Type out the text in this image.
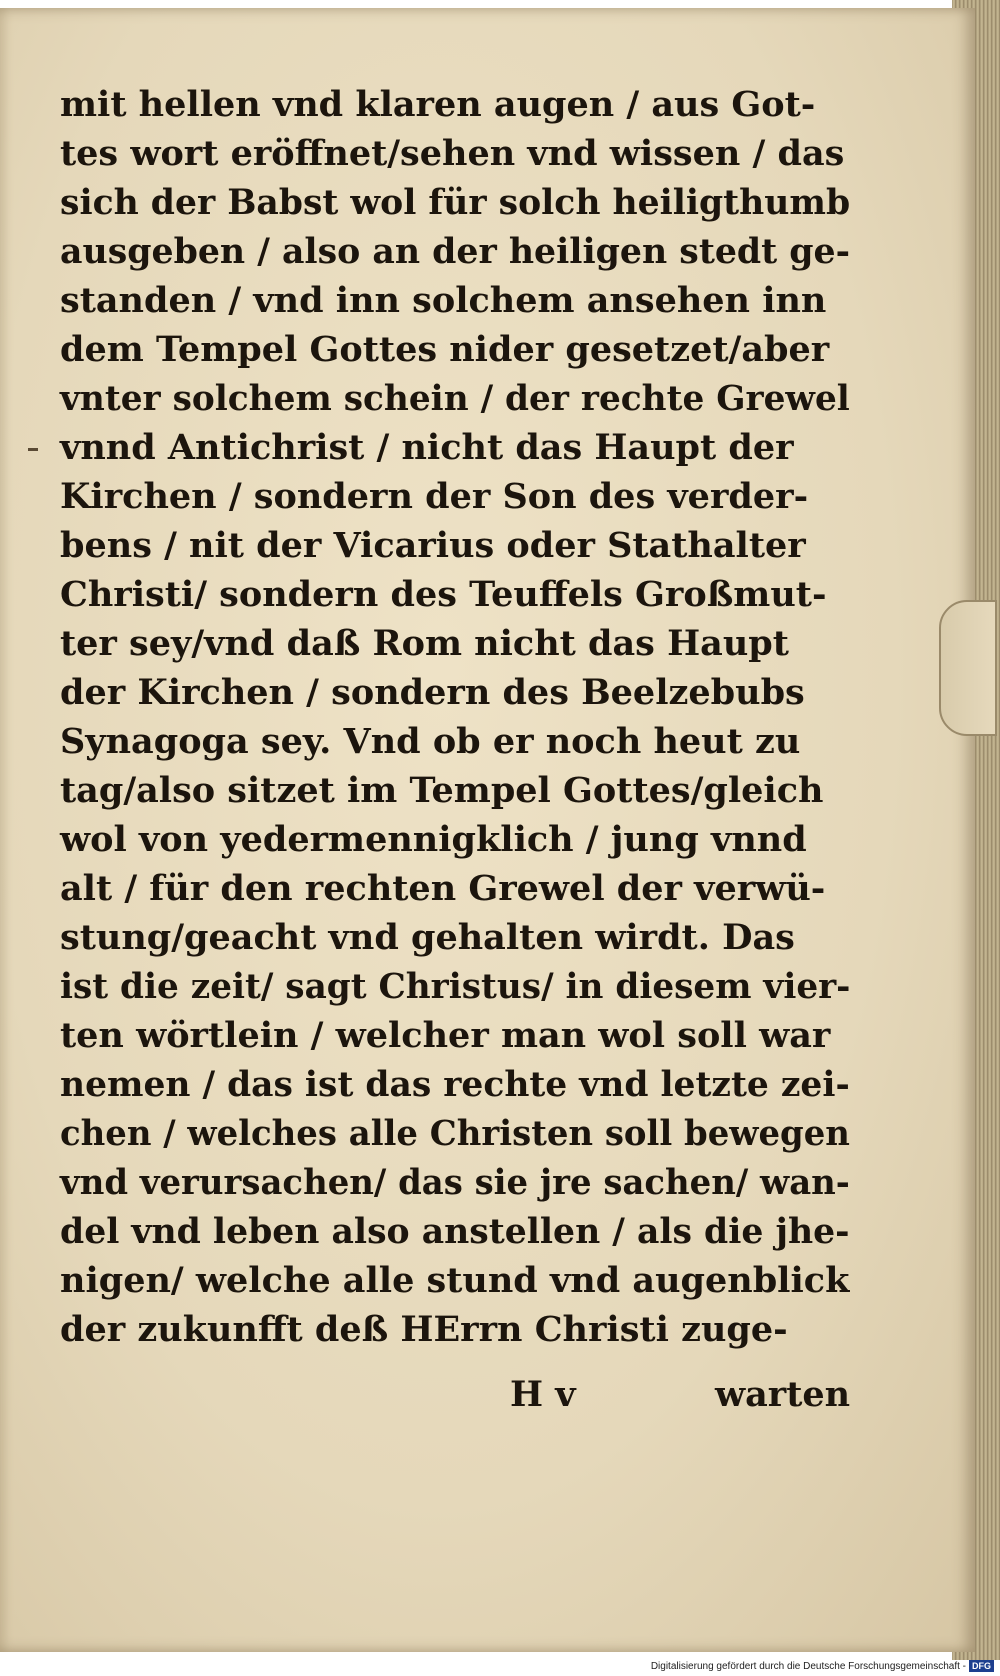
mit hellen vnd klaren augen / aus Got-
tes wort eröffnet/sehen vnd wissen / das
sich der Babst wol für solch heiligthumb
ausgeben / also an der heiligen stedt ge-
standen / vnd inn solchem ansehen inn
dem Tempel Gottes nider gesetzet/aber
vnter solchem schein / der rechte Grewel
vnnd Antichrist / nicht das Haupt der
Kirchen / sondern der Son des verder-
bens / nit der Vicarius oder Stathalter
Christi/ sondern des Teuffels Großmut-
ter sey/vnd daß Rom nicht das Haupt
der Kirchen / sondern des Beelzebubs
Synagoga sey. Vnd ob er noch heut zu
tag/also sitzet im Tempel Gottes/gleich
wol von yedermennigklich / jung vnnd
alt / für den rechten Grewel der verwü-
stung/geacht vnd gehalten wirdt. Das
ist die zeit/ sagt Christus/ in diesem vier-
ten wörtlein / welcher man wol soll war
nemen / das ist das rechte vnd letzte zei-
chen / welches alle Christen soll bewegen
vnd verursachen/ das sie jre sachen/ wan-
del vnd leben also anstellen / als die jhe-
nigen/ welche alle stund vnd augenblick
der zukunfft deß HErrn Christi zuge-
H v	warten
Digitalisierung gefördert durch die Deutsche Forschungsgemeinschaft - DFG
